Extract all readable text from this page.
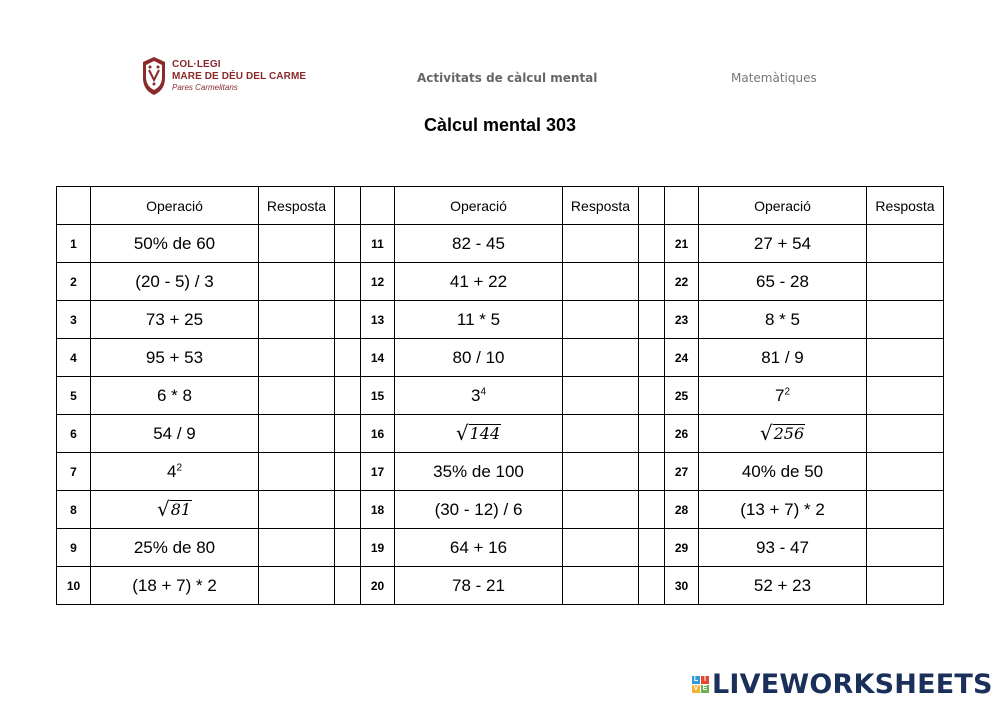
COL·LEGI
MARE DE DÉU DEL CARME
Pares Carmelitans
Activitats de càlcul mental	Matemàtiques
Càlcul mental 303
	Operació	Resposta			Operació	Resposta			Operació	Resposta
1	50% de 60			11	82 - 45			21	27 + 54	
2	(20 - 5) / 3			12	41 + 22			22	65 - 28	
3	73 + 25			13	11 * 5			23	8 * 5	
4	95 + 53			14	80 / 10			24	81 / 9	
5	6 * 8			15	$3^4$			25	$7^2$	
6	54 / 9			16	√ 144			26	√ 256	

7	$4^2$			17	35% de 100			27	40% de 50	
8	√ 81			18	(30 - 12) / 6			28	(13 + 7) * 2	
9	25% de 80			19	64 + 16			29	93 - 47	
10	(18 + 7) * 2			20	78 - 21			30	52 + 23	
L I
V E LIVEWORKSHEETS
